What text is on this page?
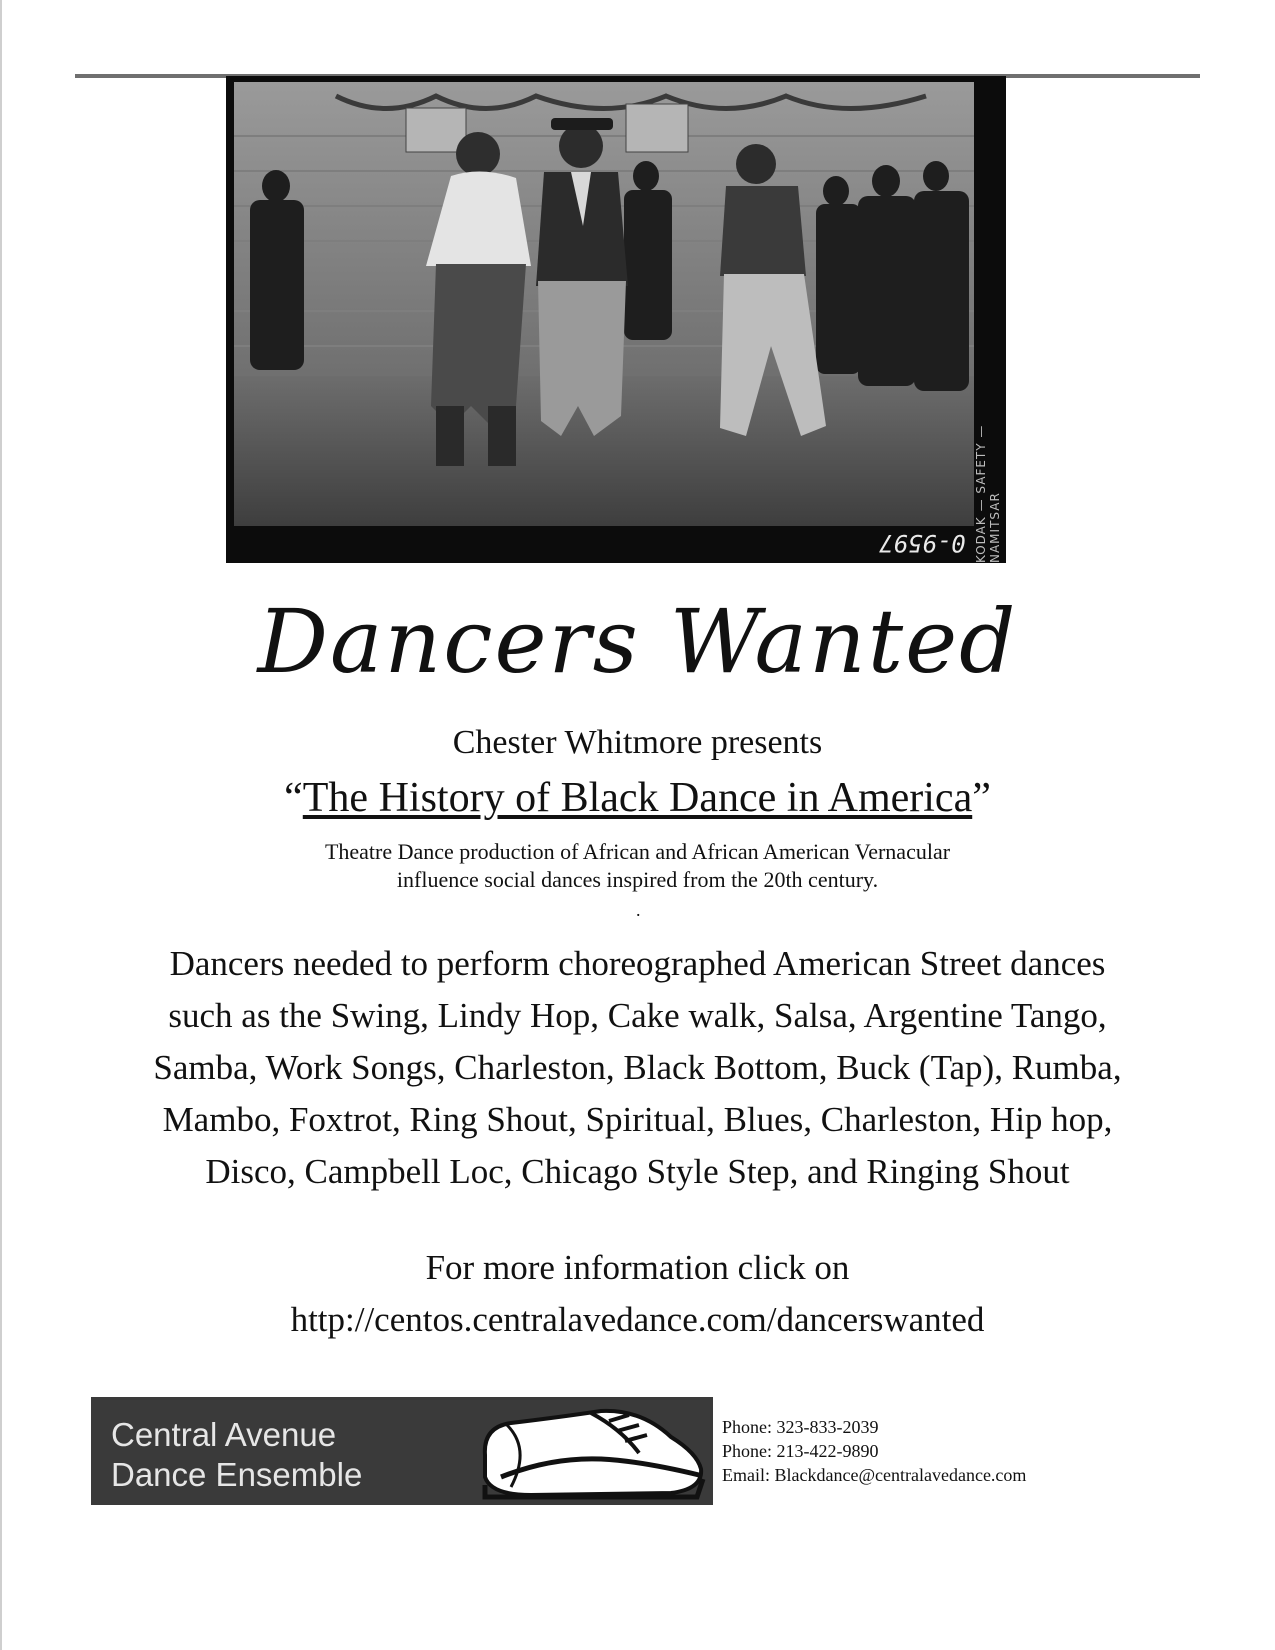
0-9597 KODAK — SAFETY — NAMITSAR
Dancers Wanted
Chester Whitmore presents
“The History of Black Dance in America”
Theatre Dance production of African and African American Vernacular
influence social dances inspired from the 20th century.
.
Dancers needed to perform choreographed American Street dances
such as the Swing, Lindy Hop, Cake walk, Salsa, Argentine Tango,
Samba, Work Songs, Charleston, Black Bottom, Buck (Tap), Rumba,
Mambo, Foxtrot, Ring Shout, Spiritual, Blues, Charleston, Hip hop,
Disco, Campbell Loc, Chicago Style Step, and Ringing Shout
For more information click on
http://centos.centralavedance.com/dancerswanted
Central Avenue
Dance Ensemble
Phone: 323-833-2039
Phone: 213-422-9890
Email: Blackdance@centralavedance.com
